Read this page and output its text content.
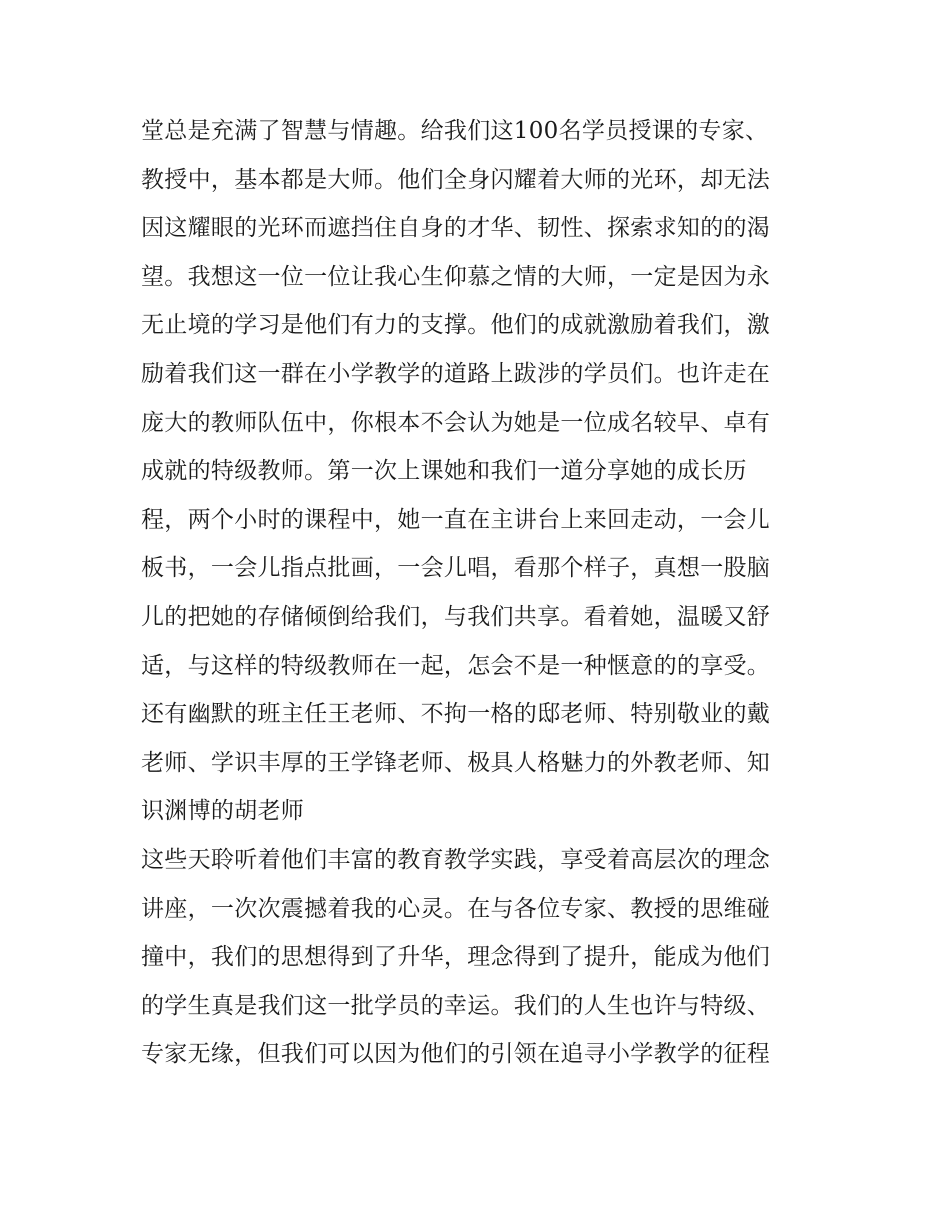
堂总是充满了智慧与情趣。给我们这100名学员授课的专家、
教授中，基本都是大师。他们全身闪耀着大师的光环，却无法
因这耀眼的光环而遮挡住自身的才华、韧性、探索求知的的渴
望。我想这一位一位让我心生仰慕之情的大师，一定是因为永
无止境的学习是他们有力的支撑。他们的成就激励着我们，激
励着我们这一群在小学教学的道路上跋涉的学员们。也许走在
庞大的教师队伍中，你根本不会认为她是一位成名较早、卓有
成就的特级教师。第一次上课她和我们一道分享她的成长历
程，两个小时的课程中，她一直在主讲台上来回走动，一会儿
板书，一会儿指点批画，一会儿唱，看那个样子，真想一股脑
儿的把她的存储倾倒给我们，与我们共享。看着她，温暖又舒
适，与这样的特级教师在一起，怎会不是一种惬意的的享受。
还有幽默的班主任王老师、不拘一格的邸老师、特别敬业的戴
老师、学识丰厚的王学锋老师、极具人格魅力的外教老师、知
识渊博的胡老师
这些天聆听着他们丰富的教育教学实践，享受着高层次的理念
讲座，一次次震撼着我的心灵。在与各位专家、教授的思维碰
撞中，我们的思想得到了升华，理念得到了提升，能成为他们
的学生真是我们这一批学员的幸运。我们的人生也许与特级、
专家无缘，但我们可以因为他们的引领在追寻小学教学的征程
